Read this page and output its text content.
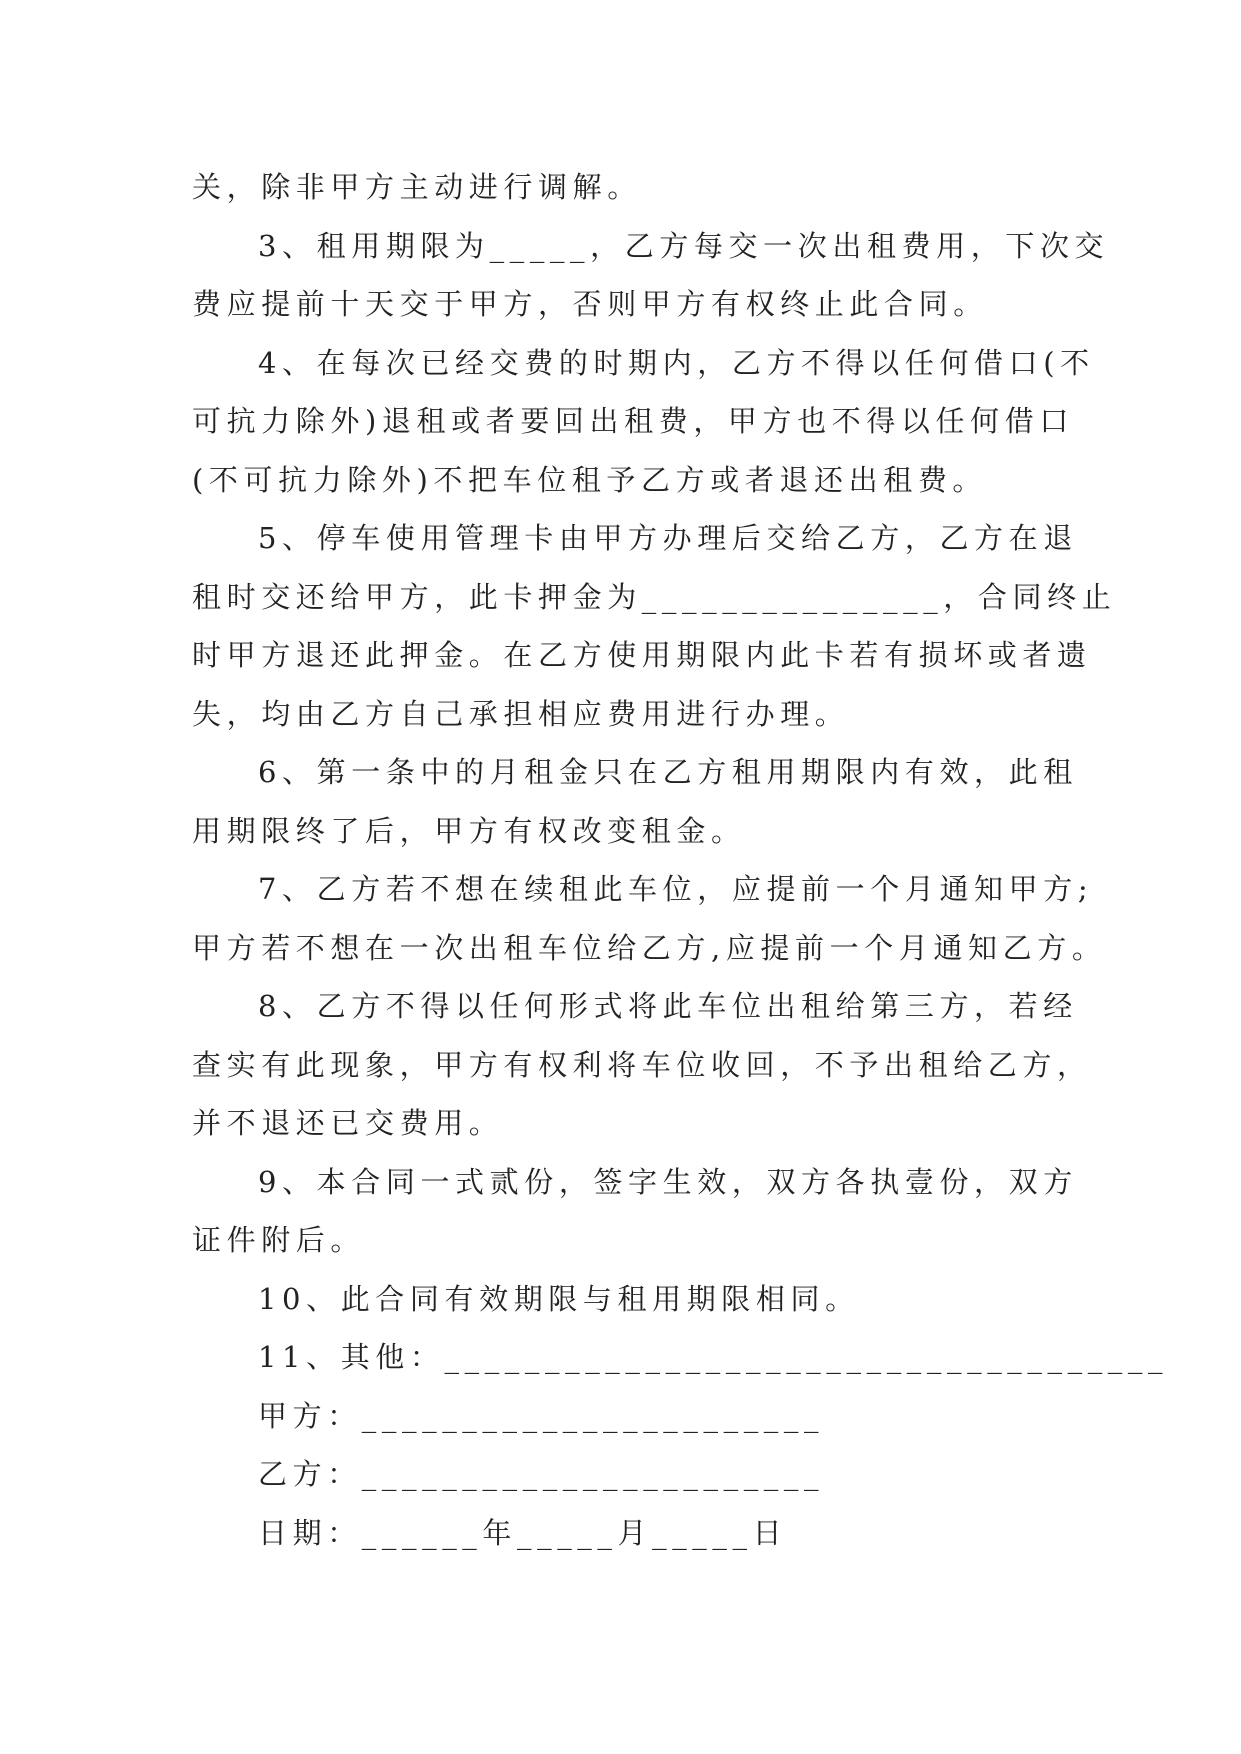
关，除非甲方主动进行调解。
3、租用期限为_____，乙方每交一次出租费用，下次交
费应提前十天交于甲方，否则甲方有权终止此合同。
4、在每次已经交费的时期内，乙方不得以任何借口(不
可抗力除外)退租或者要回出租费，甲方也不得以任何借口
(不可抗力除外)不把车位租予乙方或者退还出租费。
5、停车使用管理卡由甲方办理后交给乙方，乙方在退
租时交还给甲方，此卡押金为_______________，合同终止
时甲方退还此押金。在乙方使用期限内此卡若有损坏或者遗
失，均由乙方自己承担相应费用进行办理。
6、第一条中的月租金只在乙方租用期限内有效，此租
用期限终了后，甲方有权改变租金。
7、乙方若不想在续租此车位，应提前一个月通知甲方;
甲方若不想在一次出租车位给乙方,应提前一个月通知乙方。
8、乙方不得以任何形式将此车位出租给第三方，若经
查实有此现象，甲方有权利将车位收回，不予出租给乙方，
并不退还已交费用。
9、本合同一式贰份，签字生效，双方各执壹份，双方
证件附后。
10、此合同有效期限与租用期限相同。
11、其他：____________________________________
甲方：_______________________
乙方：_______________________
日期：______年_____月_____日
